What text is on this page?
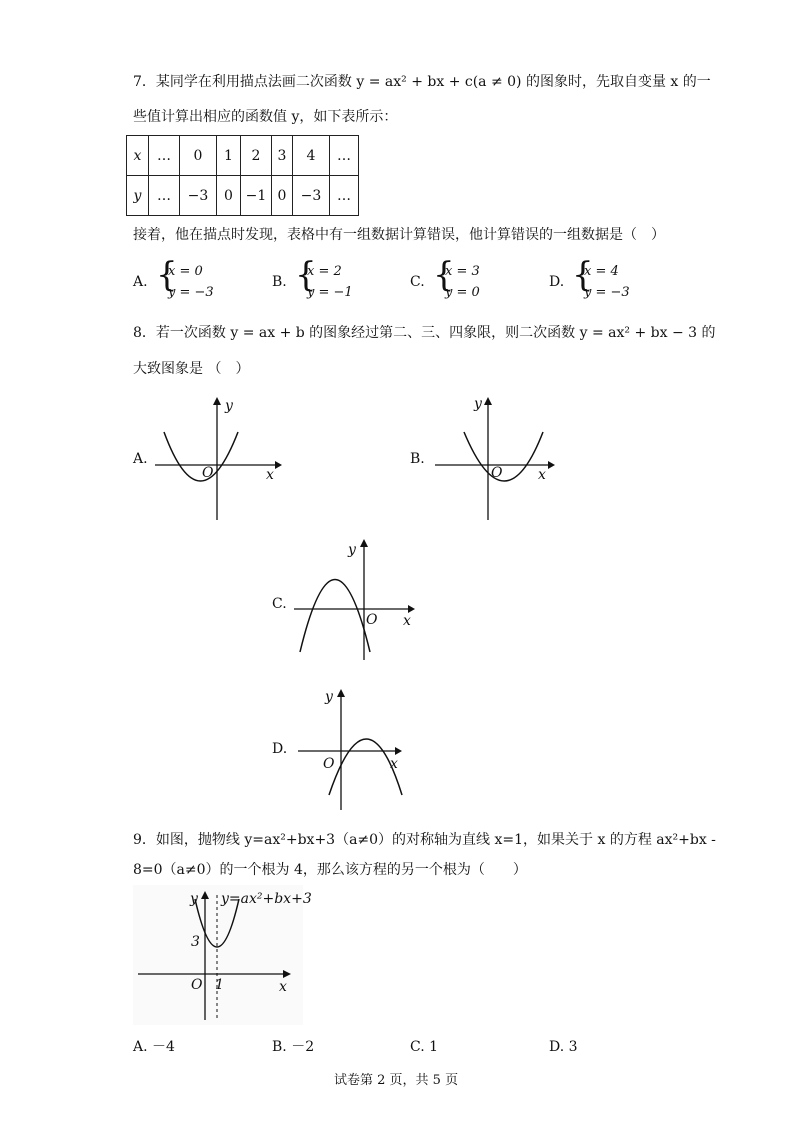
7．某同学在利用描点法画二次函数 y = ax² + bx + c(a ≠ 0) 的图象时，先取自变量 x 的一
些值计算出相应的函数值 y，如下表所示：
x	…	0	1	2	3	4	…
y	…	−3	0	−1	0	−3	…
接着，他在描点时发现，表格中有一组数据计算错误，他计算错误的一组数据是（　）
A. {
x = 0
y = −3
B. {
x = 2
y = −1
C. {
x = 3
y = 0
D. {
x = 4
y = −3
8．若一次函数 y = ax + b 的图象经过第二、三、四象限，则二次函数 y = ax² + bx − 3 的
大致图象是 （　）
A.
x
y
O
B.
x
y
O
C.
x
y
O
D.
x
y
O
9．如图，抛物线 y=ax²+bx+3（a≠0）的对称轴为直线 x=1，如果关于 x 的方程 ax²+bx -
8=0（a≠0）的一个根为 4，那么该方程的另一个根为（　　）
y=ax²+bx+3
3
1
O	x
y
A. －4	B. －2	C. 1	D. 3
试卷第 2 页，共 5 页
